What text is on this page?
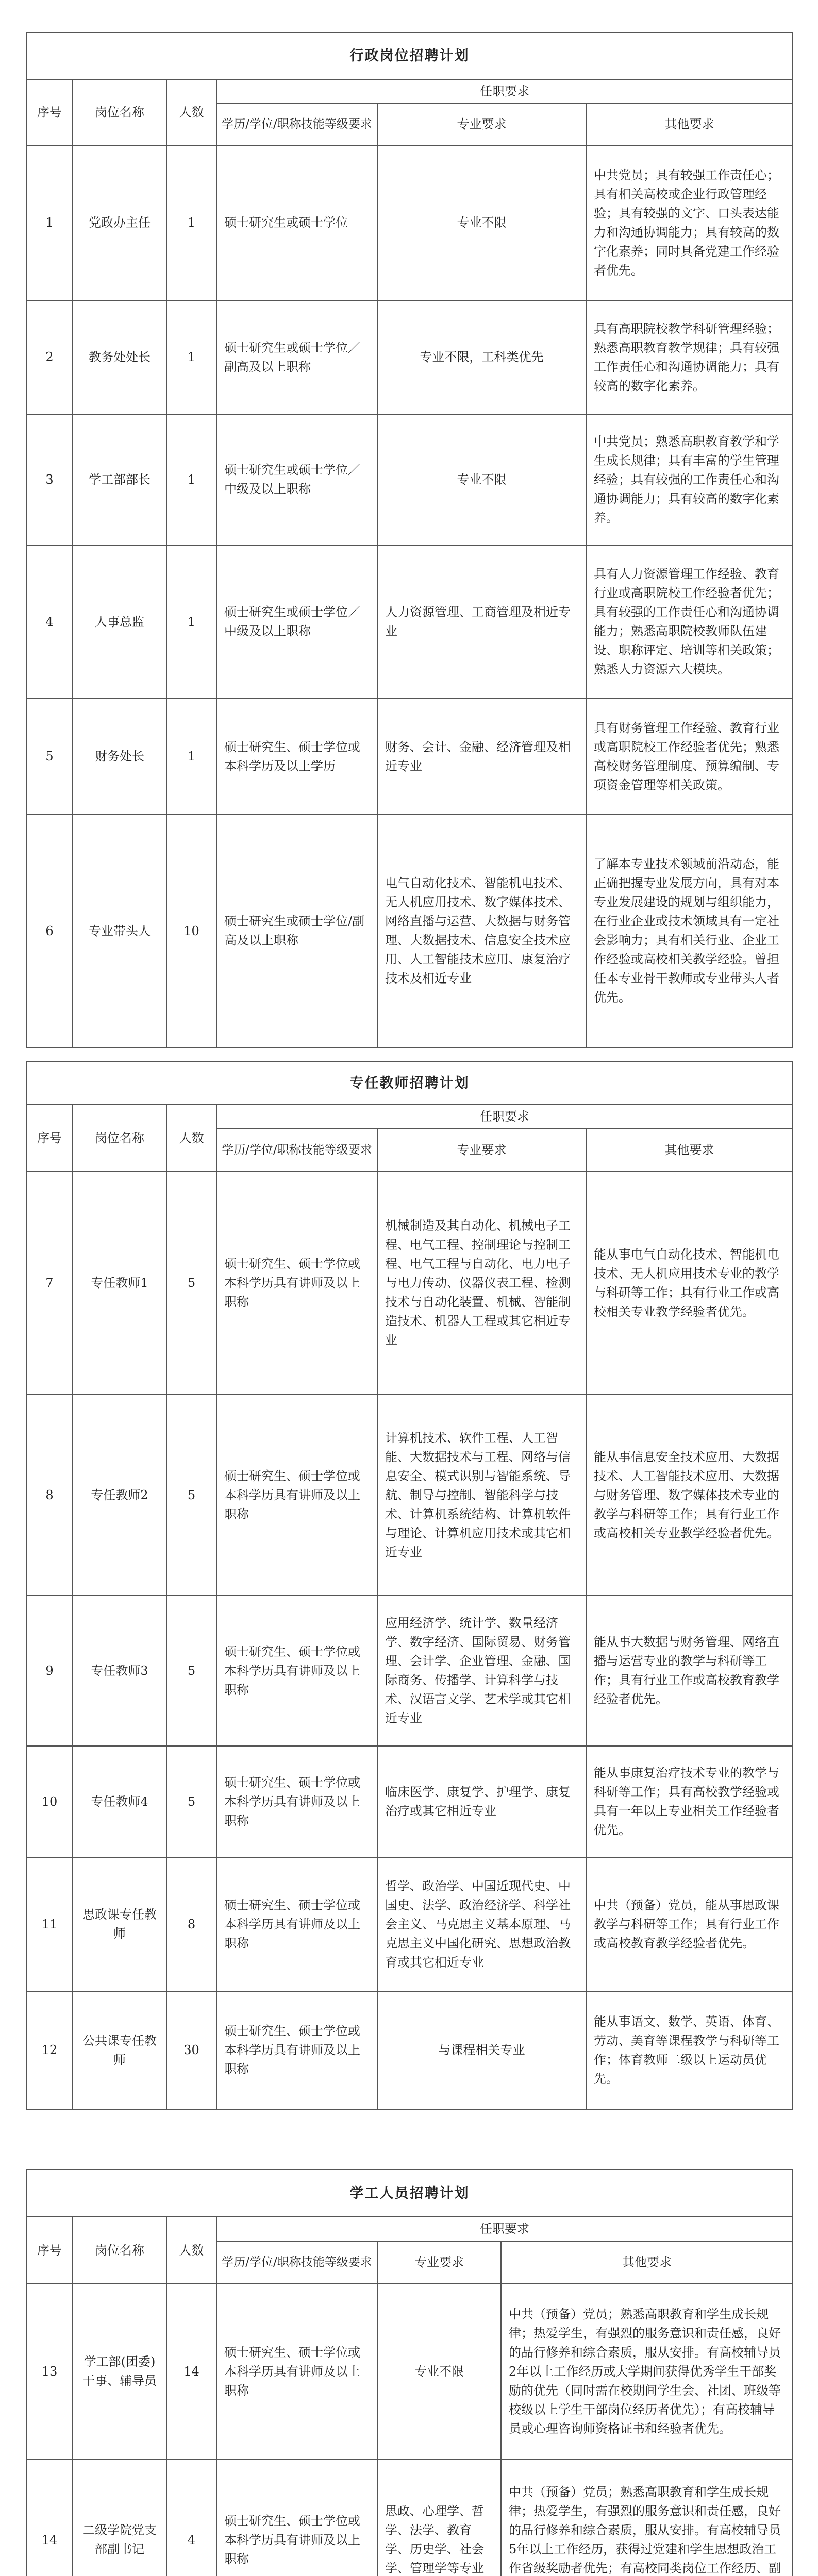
行政岗位招聘计划					
序号	岗位名称	人数	任职要求		
			学历/学位/职称技能等级要求	专业要求	其他要求
1	党政办主任	1	硕士研究生或硕士学位	专业不限	中共党员；具有较强工作责任心；具有相关高校或企业行政管理经验；具有较强的文字、口头表达能力和沟通协调能力；具有较高的数字化素养；同时具备党建工作经验者优先。
2	教务处处长	1	硕士研究生或硕士学位／副高及以上职称	专业不限，工科类优先	具有高职院校教学科研管理经验；熟悉高职教育教学规律；具有较强工作责任心和沟通协调能力；具有较高的数字化素养。
3	学工部部长	1	硕士研究生或硕士学位／中级及以上职称	专业不限	中共党员；熟悉高职教育教学和学生成长规律；具有丰富的学生管理经验；具有较强的工作责任心和沟通协调能力；具有较高的数字化素养。
4	人事总监	1	硕士研究生或硕士学位／中级及以上职称	人力资源管理、工商管理及相近专业	具有人力资源管理工作经验、教育行业或高职院校工作经验者优先；具有较强的工作责任心和沟通协调能力；熟悉高职院校教师队伍建设、职称评定、培训等相关政策；熟悉人力资源六大模块。
5	财务处长	1	硕士研究生、硕士学位或本科学历及以上学历	财务、会计、金融、经济管理及相近专业	具有财务管理工作经验、教育行业或高职院校工作经验者优先；熟悉高校财务管理制度、预算编制、专项资金管理等相关政策。
6	专业带头人	10	硕士研究生或硕士学位/副高及以上职称	电气自动化技术、智能机电技术、无人机应用技术、数字媒体技术、网络直播与运营、大数据与财务管理、大数据技术、信息安全技术应用、人工智能技术应用、康复治疗技术及相近专业	了解本专业技术领域前沿动态，能正确把握专业发展方向，具有对本专业发展建设的规划与组织能力，在行业企业或技术领域具有一定社会影响力；具有相关行业、企业工作经验或高校相关教学经验。曾担任本专业骨干教师或专业带头人者优先。
专任教师招聘计划					
序号	岗位名称	人数	任职要求		
			学历/学位/职称技能等级要求	专业要求	其他要求
7	专任教师1	5	硕士研究生、硕士学位或本科学历具有讲师及以上职称	机械制造及其自动化、机械电子工程、电气工程、控制理论与控制工程、电气工程与自动化、电力电子与电力传动、仪器仪表工程、检测技术与自动化装置、机械、智能制造技术、机器人工程或其它相近专业	能从事电气自动化技术、智能机电技术、无人机应用技术专业的教学与科研等工作；具有行业工作或高校相关专业教学经验者优先。
8	专任教师2	5	硕士研究生、硕士学位或本科学历具有讲师及以上职称	计算机技术、软件工程、人工智能、大数据技术与工程、网络与信息安全、模式识别与智能系统、导航、制导与控制、智能科学与技术、计算机系统结构、计算机软件与理论、计算机应用技术或其它相近专业	能从事信息安全技术应用、大数据技术、人工智能技术应用、大数据与财务管理、数字媒体技术专业的教学与科研等工作；具有行业工作或高校相关专业教学经验者优先。
9	专任教师3	5	硕士研究生、硕士学位或本科学历具有讲师及以上职称	应用经济学、统计学、数量经济学、数字经济、国际贸易、财务管理、会计学、企业管理、金融、国际商务、传播学、计算科学与技术、汉语言文学、艺术学或其它相近专业	能从事大数据与财务管理、网络直播与运营专业的教学与科研等工作；具有行业工作或高校教育教学经验者优先。
10	专任教师4	5	硕士研究生、硕士学位或本科学历具有讲师及以上职称	临床医学、康复学、护理学、康复治疗或其它相近专业	能从事康复治疗技术专业的教学与科研等工作；具有高校教学经验或具有一年以上专业相关工作经验者优先。
11	思政课专任教师	8	硕士研究生、硕士学位或本科学历具有讲师及以上职称	哲学、政治学、中国近现代史、中国史、法学、政治经济学、科学社会主义、马克思主义基本原理、马克思主义中国化研究、思想政治教育或其它相近专业	中共（预备）党员，能从事思政课教学与科研等工作；具有行业工作或高校教育教学经验者优先。
12	公共课专任教师	30	硕士研究生、硕士学位或本科学历具有讲师及以上职称	与课程相关专业	能从事语文、数学、英语、体育、劳动、美育等课程教学与科研等工作；体育教师二级以上运动员优先。
学工人员招聘计划					
序号	岗位名称	人数	任职要求		
			学历/学位/职称技能等级要求	专业要求	其他要求
13	学工部(团委)干事、辅导员	14	硕士研究生、硕士学位或本科学历具有讲师及以上职称	专业不限	中共（预备）党员；熟悉高职教育和学生成长规律；热爱学生，有强烈的服务意识和责任感，良好的品行修养和综合素质，服从安排。有高校辅导员2年以上工作经历或大学期间获得优秀学生干部奖励的优先（同时需在校期间学生会、社团、班级等校级以上学生干部岗位经历者优先）；有高校辅导员或心理咨询师资格证书和经验者优先。
14	二级学院党支部副书记	4	硕士研究生、硕士学位或本科学历具有讲师及以上职称	思政、心理学、哲学、法学、教育学、历史学、社会学、管理学等专业	中共（预备）党员；熟悉高职教育和学生成长规律；热爱学生，有强烈的服务意识和责任感，良好的品行修养和综合素质，服从安排。有高校辅导员5年以上工作经历，获得过党建和学生思想政治工作省级奖励者优先；有高校同类岗位工作经历、副
